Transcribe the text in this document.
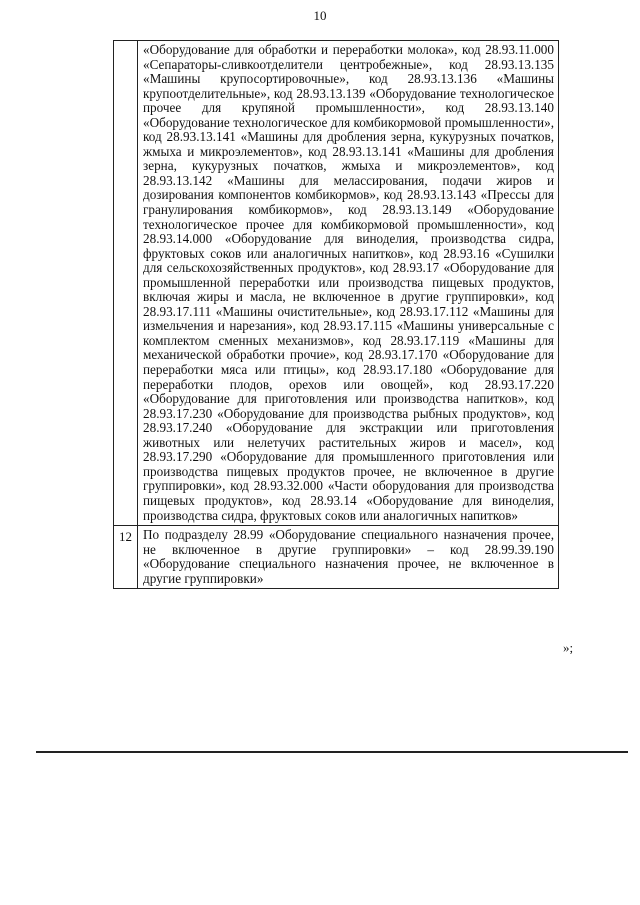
10

	«Оборудование для обработки и переработки молока», код 28.93.11.000 «Сепараторы-сливкоотделители центробежные», код 28.93.13.135 «Машины крупосортировочные», код 28.93.13.136 «Машины крупоотделительные», код 28.93.13.139 «Оборудование технологическое прочее для крупяной промышленности», код 28.93.13.140 «Оборудование технологическое для комбикормовой промышленности», код 28.93.13.141 «Машины для дробления зерна, кукурузных початков, жмыха и микроэлементов», код 28.93.13.141 «Машины для дробления зерна, кукурузных початков, жмыха и микроэлементов», код 28.93.13.142 «Машины для мелассирования, подачи жиров и дозирования компонентов комбикормов», код 28.93.13.143 «Прессы для гранулирования комбикормов», код 28.93.13.149 «Оборудование технологическое прочее для комбикормовой промышленности», код 28.93.14.000 «Оборудование для виноделия, производства сидра, фруктовых соков или аналогичных напитков», код 28.93.16 «Сушилки для сельскохозяйственных продуктов», код 28.93.17 «Оборудование для промышленной переработки или производства пищевых продуктов, включая жиры и масла, не включенное в другие группировки», код 28.93.17.111 «Машины очистительные», код 28.93.17.112 «Машины для измельчения и нарезания», код 28.93.17.115 «Машины универсальные с комплектом сменных механизмов», код 28.93.17.119 «Машины для механической обработки прочие», код 28.93.17.170 «Оборудование для переработки мяса или птицы», код 28.93.17.180 «Оборудование для переработки плодов, орехов или овощей», код 28.93.17.220 «Оборудование для приготовления или производства напитков», код 28.93.17.230 «Оборудование для производства рыбных продуктов», код 28.93.17.240 «Оборудование для экстракции или приготовления животных или нелетучих растительных жиров и масел», код 28.93.17.290 «Оборудование для промышленного приготовления или производства пищевых продуктов прочее, не включенное в другие группировки», код 28.93.32.000 «Части оборудования для производства пищевых продуктов», код 28.93.14 «Оборудование для виноделия, производства сидра, фруктовых соков или аналогичных напитков»

12	По подразделу 28.99 «Оборудование специального назначения прочее, не включенное в другие группировки» – код 28.99.39.190 «Оборудование специального назначения прочее, не включенное в другие группировки»
»;
